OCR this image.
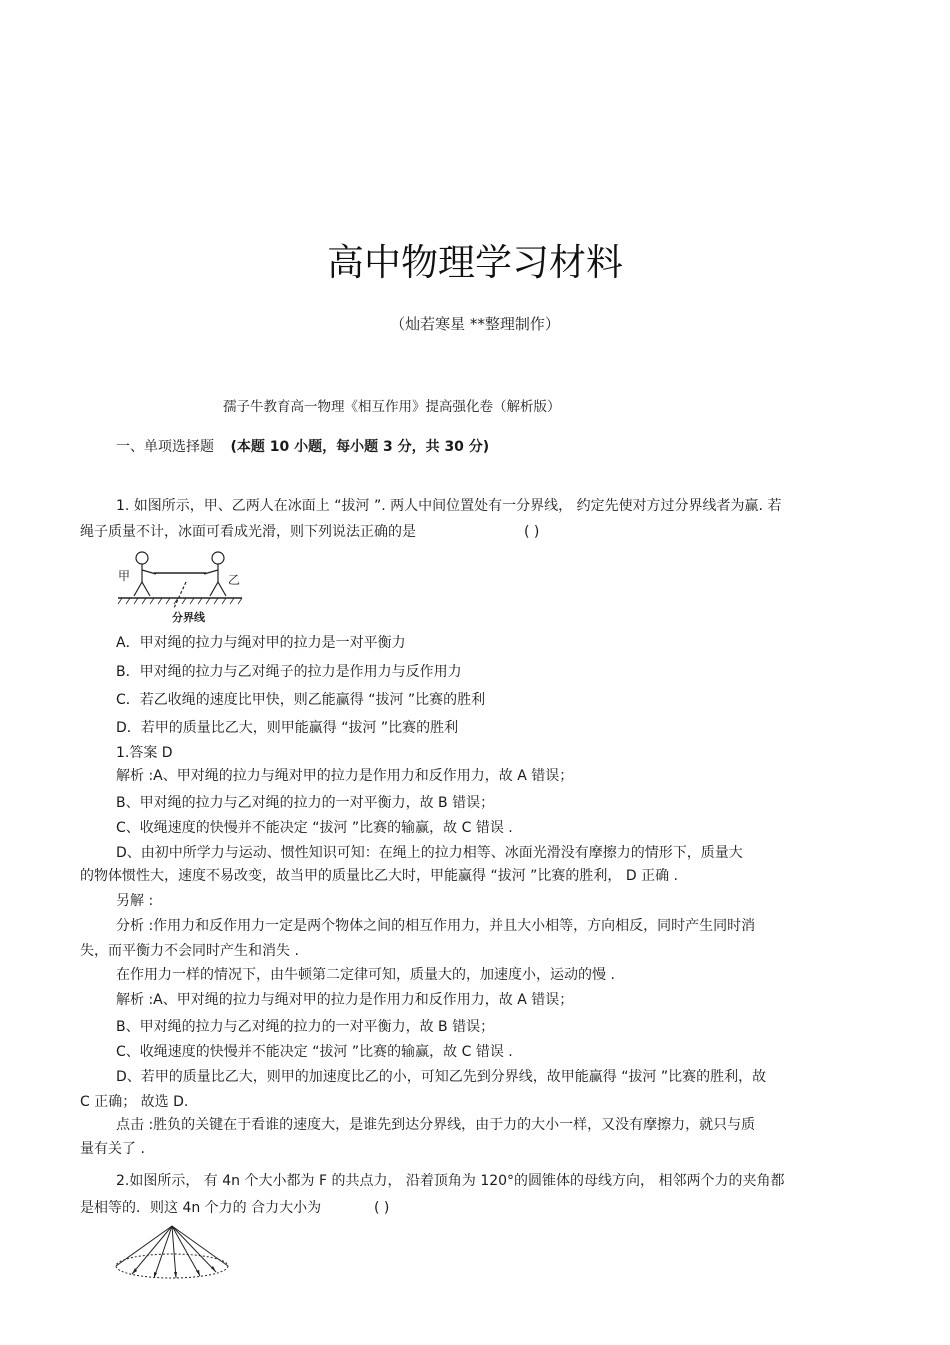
高中物理学习材料
（灿若寒星 **整理制作）
孺子牛教育高一物理《相互作用》提高强化卷（解析版）
一、单项选择题 (本题 10 小题，每小题 3 分，共 30 分)
1. 如图所示，甲、乙两人在冰面上 “拔河 ”. 两人中间位置处有一分界线， 约定先使对方过分界线者为赢. 若
绳子质量不计，冰面可看成光滑，则下列说法正确的是	( )
甲	乙
分界线
A．甲对绳的拉力与绳对甲的拉力是一对平衡力
B．甲对绳的拉力与乙对绳子的拉力是作用力与反作用力
C．若乙收绳的速度比甲快，则乙能赢得 “拔河 ”比赛的胜利
D．若甲的质量比乙大，则甲能赢得 “拔河 ”比赛的胜利
1.答案 D
解析 :A、甲对绳的拉力与绳对甲的拉力是作用力和反作用力，故 A 错误；
B、甲对绳的拉力与乙对绳的拉力的一对平衡力，故 B 错误；
C、收绳速度的快慢并不能决定 “拔河 ”比赛的输赢，故 C 错误 .
D、由初中所学力与运动、惯性知识可知：在绳上的拉力相等、冰面光滑没有摩擦力的情形下，质量大
的物体惯性大，速度不易改变，故当甲的质量比乙大时，甲能赢得 “拔河 ”比赛的胜利， D 正确 .
另解 :
分析 :作用力和反作用力一定是两个物体之间的相互作用力，并且大小相等，方向相反，同时产生同时消
失，而平衡力不会同时产生和消失 .
在作用力一样的情况下，由牛顿第二定律可知，质量大的，加速度小，运动的慢 .
解析 :A、甲对绳的拉力与绳对甲的拉力是作用力和反作用力，故 A 错误；
B、甲对绳的拉力与乙对绳的拉力的一对平衡力，故 B 错误；
C、收绳速度的快慢并不能决定 “拔河 ”比赛的输赢，故 C 错误 .
D、若甲的质量比乙大，则甲的加速度比乙的小，可知乙先到分界线，故甲能赢得 “拔河 ”比赛的胜利，故
C 正确； 故选 D.
点击 :胜负的关键在于看谁的速度大，是谁先到达分界线，由于力的大小一样，又没有摩擦力，就只与质
量有关了 .
2.如图所示， 有 4n 个大小都为 F 的共点力， 沿着顶角为 120°的圆锥体的母线方向， 相邻两个力的夹角都
是相等的．则这 4n 个力的 合力大小为	( )
